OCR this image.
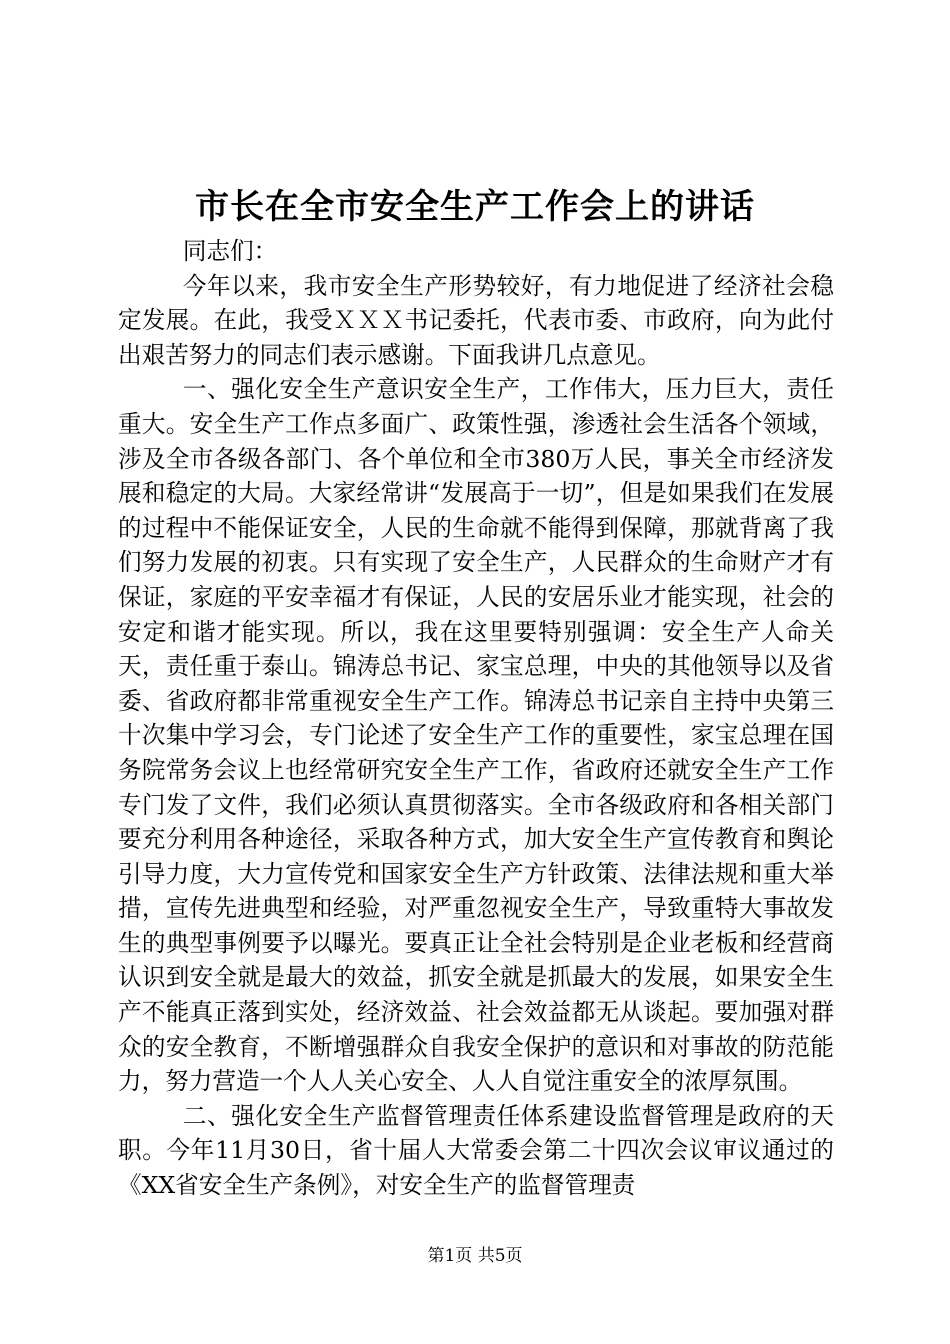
市长在全市安全生产工作会上的讲话

同志们：

今年以来，我市安全生产形势较好，有力地促进了经济社会稳定发展。在此，我受ＸＸＸ书记委托，代表市委、市政府，向为此付出艰苦努力的同志们表示感谢。下面我讲几点意见。

一、强化安全生产意识安全生产，工作伟大，压力巨大，责任重大。安全生产工作点多面广、政策性强，渗透社会生活各个领域，涉及全市各级各部门、各个单位和全市380万人民，事关全市经济发展和稳定的大局。大家经常讲“发展高于一切”，但是如果我们在发展的过程中不能保证安全，人民的生命就不能得到保障，那就背离了我们努力发展的初衷。只有实现了安全生产，人民群众的生命财产才有保证，家庭的平安幸福才有保证，人民的安居乐业才能实现，社会的安定和谐才能实现。所以，我在这里要特别强调：安全生产人命关天，责任重于泰山。锦涛总书记、家宝总理，中央的其他领导以及省委、省政府都非常重视安全生产工作。锦涛总书记亲自主持中央第三十次集中学习会，专门论述了安全生产工作的重要性，家宝总理在国务院常务会议上也经常研究安全生产工作，省政府还就安全生产工作专门发了文件，我们必须认真贯彻落实。全市各级政府和各相关部门要充分利用各种途径，采取各种方式，加大安全生产宣传教育和舆论引导力度，大力宣传党和国家安全生产方针政策、法律法规和重大举措，宣传先进典型和经验，对严重忽视安全生产，导致重特大事故发生的典型事例要予以曝光。要真正让全社会特别是企业老板和经营商认识到安全就是最大的效益，抓安全就是抓最大的发展，如果安全生产不能真正落到实处，经济效益、社会效益都无从谈起。要加强对群众的安全教育，不断增强群众自我安全保护的意识和对事故的防范能力，努力营造一个人人关心安全、人人自觉注重安全的浓厚氛围。

二、强化安全生产监督管理责任体系建设监督管理是政府的天职。今年11月30日，省十届人大常委会第二十四次会议审议通过的《XX省安全生产条例》，对安全生产的监督管理责

第1页 共5页
